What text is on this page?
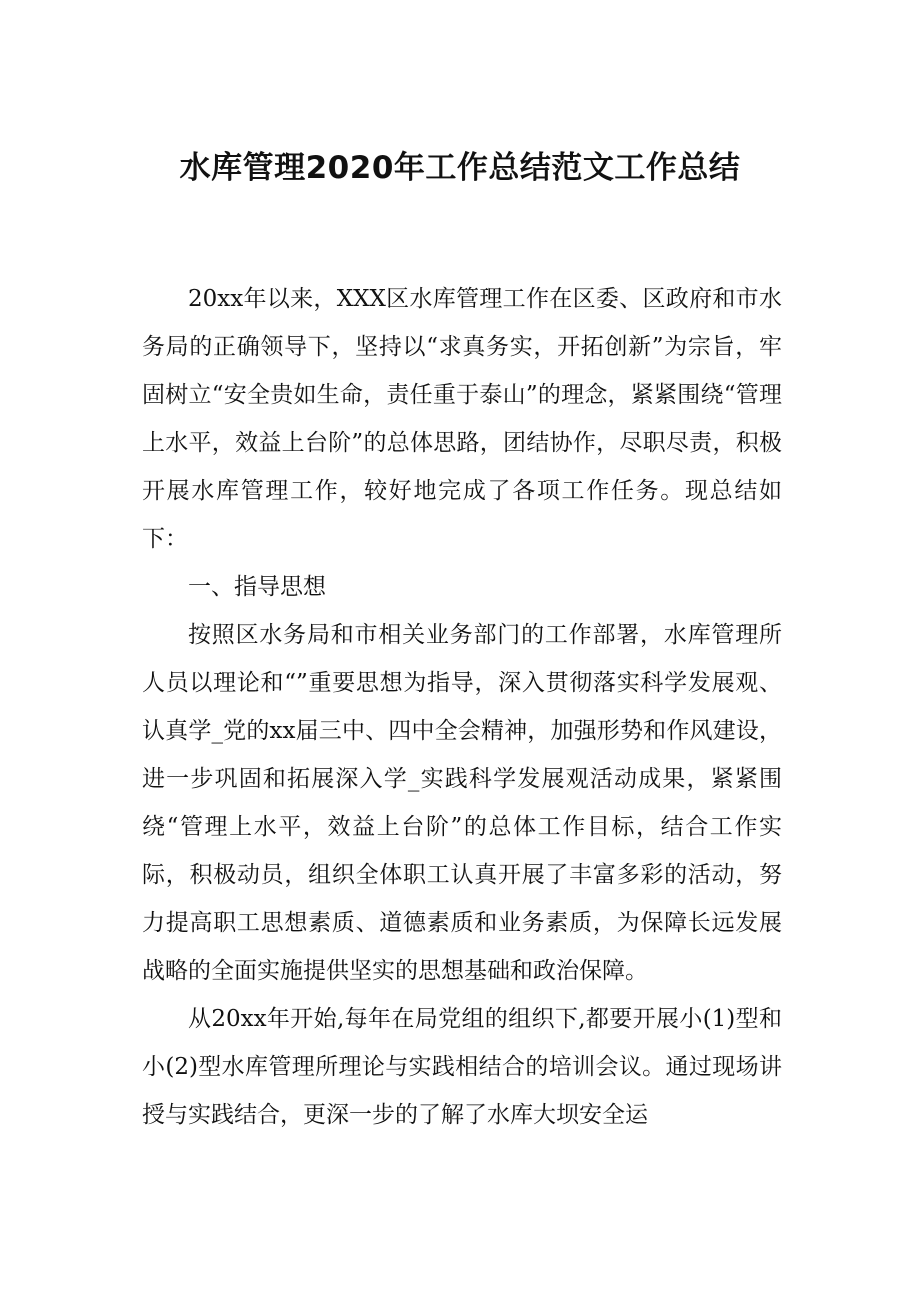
水库管理2020年工作总结范文工作总结

20xx年以来，XXX区水库管理工作在区委、区政府和市水务局的正确领导下，坚持以“求真务实，开拓创新”为宗旨，牢固树立“安全贵如生命，责任重于泰山”的理念，紧紧围绕“管理上水平，效益上台阶”的总体思路，团结协作，尽职尽责，积极开展水库管理工作，较好地完成了各项工作任务。现总结如下：

一、指导思想

按照区水务局和市相关业务部门的工作部署，水库管理所人员以理论和“”重要思想为指导，深入贯彻落实科学发展观、认真学_党的xx届三中、四中全会精神，加强形势和作风建设，进一步巩固和拓展深入学_实践科学发展观活动成果，紧紧围绕“管理上水平，效益上台阶”的总体工作目标，结合工作实际，积极动员，组织全体职工认真开展了丰富多彩的活动，努力提高职工思想素质、道德素质和业务素质，为保障长远发展战略的全面实施提供坚实的思想基础和政治保障。

从20xx年开始,每年在局党组的组织下,都要开展小(1)型和小(2)型水库管理所理论与实践相结合的培训会议。通过现场讲授与实践结合，更深一步的了解了水库大坝安全运
